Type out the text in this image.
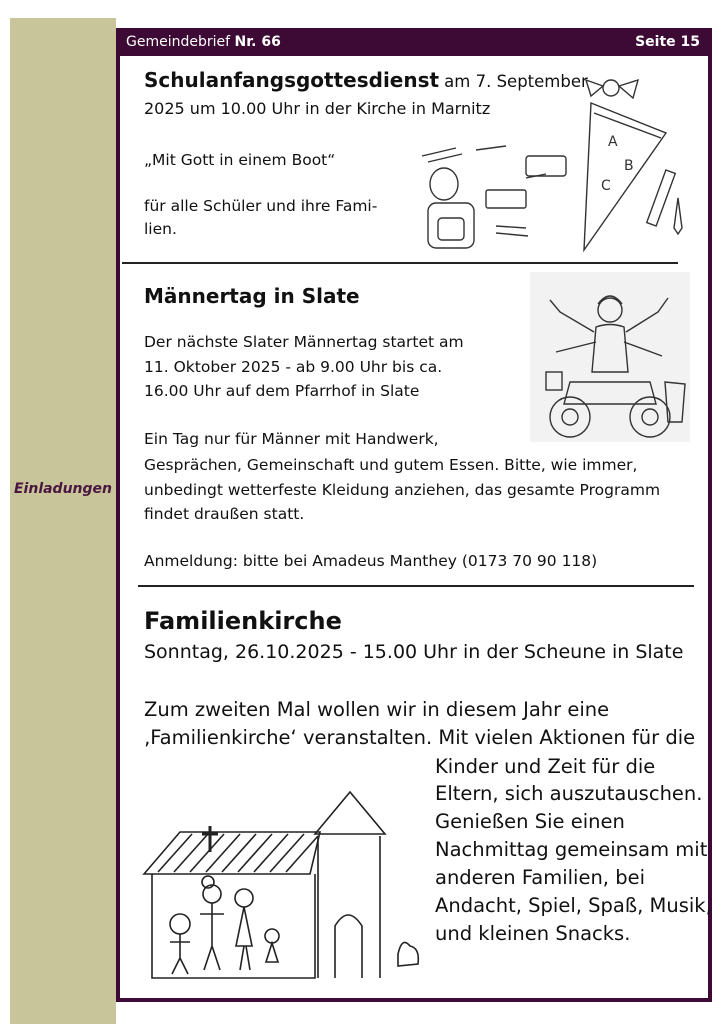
Einladungen
Gemeindebrief Nr. 66	Seite 15
Schulanfangsgottesdienst am 7. September
2025 um 10.00 Uhr in der Kirche in Marnitz
„Mit Gott in einem Boot“
für alle Schüler und ihre Fami-
lien.
A
B
C
Männertag in Slate
Der nächste Slater Männertag startet am
11. Oktober 2025 - ab 9.00 Uhr bis ca.
16.00 Uhr auf dem Pfarrhof in Slate
Ein Tag nur für Männer mit Handwerk,
Gesprächen, Gemeinschaft und gutem Essen. Bitte, wie immer,
unbedingt wetterfeste Kleidung anziehen, das gesamte Programm
findet draußen statt.
Anmeldung: bitte bei Amadeus Manthey (0173 70 90 118)
Familienkirche
Sonntag, 26.10.2025 - 15.00 Uhr in der Scheune in Slate
Zum zweiten Mal wollen wir in diesem Jahr eine
‚Familienkirche‘ veranstalten. Mit vielen Aktionen für die
Kinder und Zeit für die
Eltern, sich auszutauschen.
Genießen Sie einen
Nachmittag gemeinsam mit
anderen Familien, bei
Andacht, Spiel, Spaß, Musik,
und kleinen Snacks.
